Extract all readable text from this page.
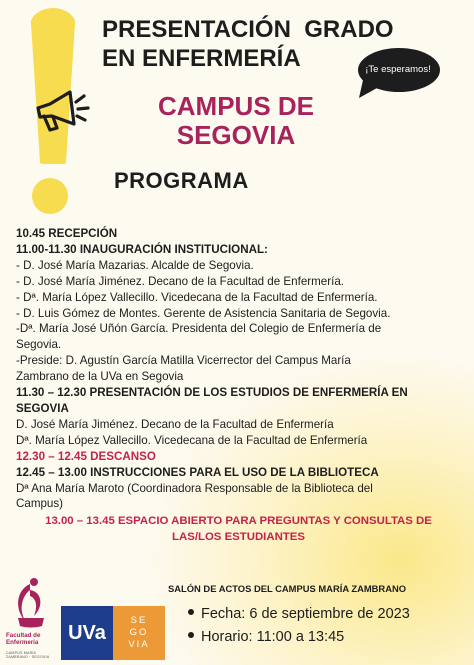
PRESENTACIÓN  GRADO
EN ENFERMERÍA	¡Te esperamos!
CAMPUS DE
SEGOVIA
PROGRAMA
10.45 RECEPCIÓN
11.00-11.30 INAUGURACIÓN INSTITUCIONAL:
- D. José María Mazarias. Alcalde de Segovia.
- D. José María Jiménez. Decano de la Facultad de Enfermería.
- Dª. María López Vallecillo. Vicedecana de la Facultad de Enfermería.
- D. Luis Gómez de Montes. Gerente de Asistencia Sanitaria de Segovia.
-Dª. María José Uñón García. Presidenta del Colegio de Enfermería de
Segovia.
-Preside: D. Agustín García Matilla Vicerrector del Campus María
Zambrano de la UVa en Segovia
11.30 – 12.30 PRESENTACIÓN DE LOS ESTUDIOS DE ENFERMERÍA EN
SEGOVIA
D. José María Jiménez. Decano de la Facultad de Enfermería
Dª. María López Vallecillo. Vicedecana de la Facultad de Enfermería
12.30 – 12.45 DESCANSO
12.45 – 13.00 INSTRUCCIONES PARA EL USO DE LA BIBLIOTECA
Dª Ana María Maroto (Coordinadora Responsable de la Biblioteca del
Campus)
13.00 – 13.45 ESPACIO ABIERTO PARA PREGUNTAS Y CONSULTAS DE LAS/LOS ESTUDIANTES
SALÓN DE ACTOS DEL CAMPUS MARÍA ZAMBRANO
Fecha: 6 de septiembre de 2023
Horario: 11:00 a 13:45
Facultad de
Enfermería
CAMPUS MARÍA ZAMBRANO · SEGOVIA
UVa
SE
GO
VIA
